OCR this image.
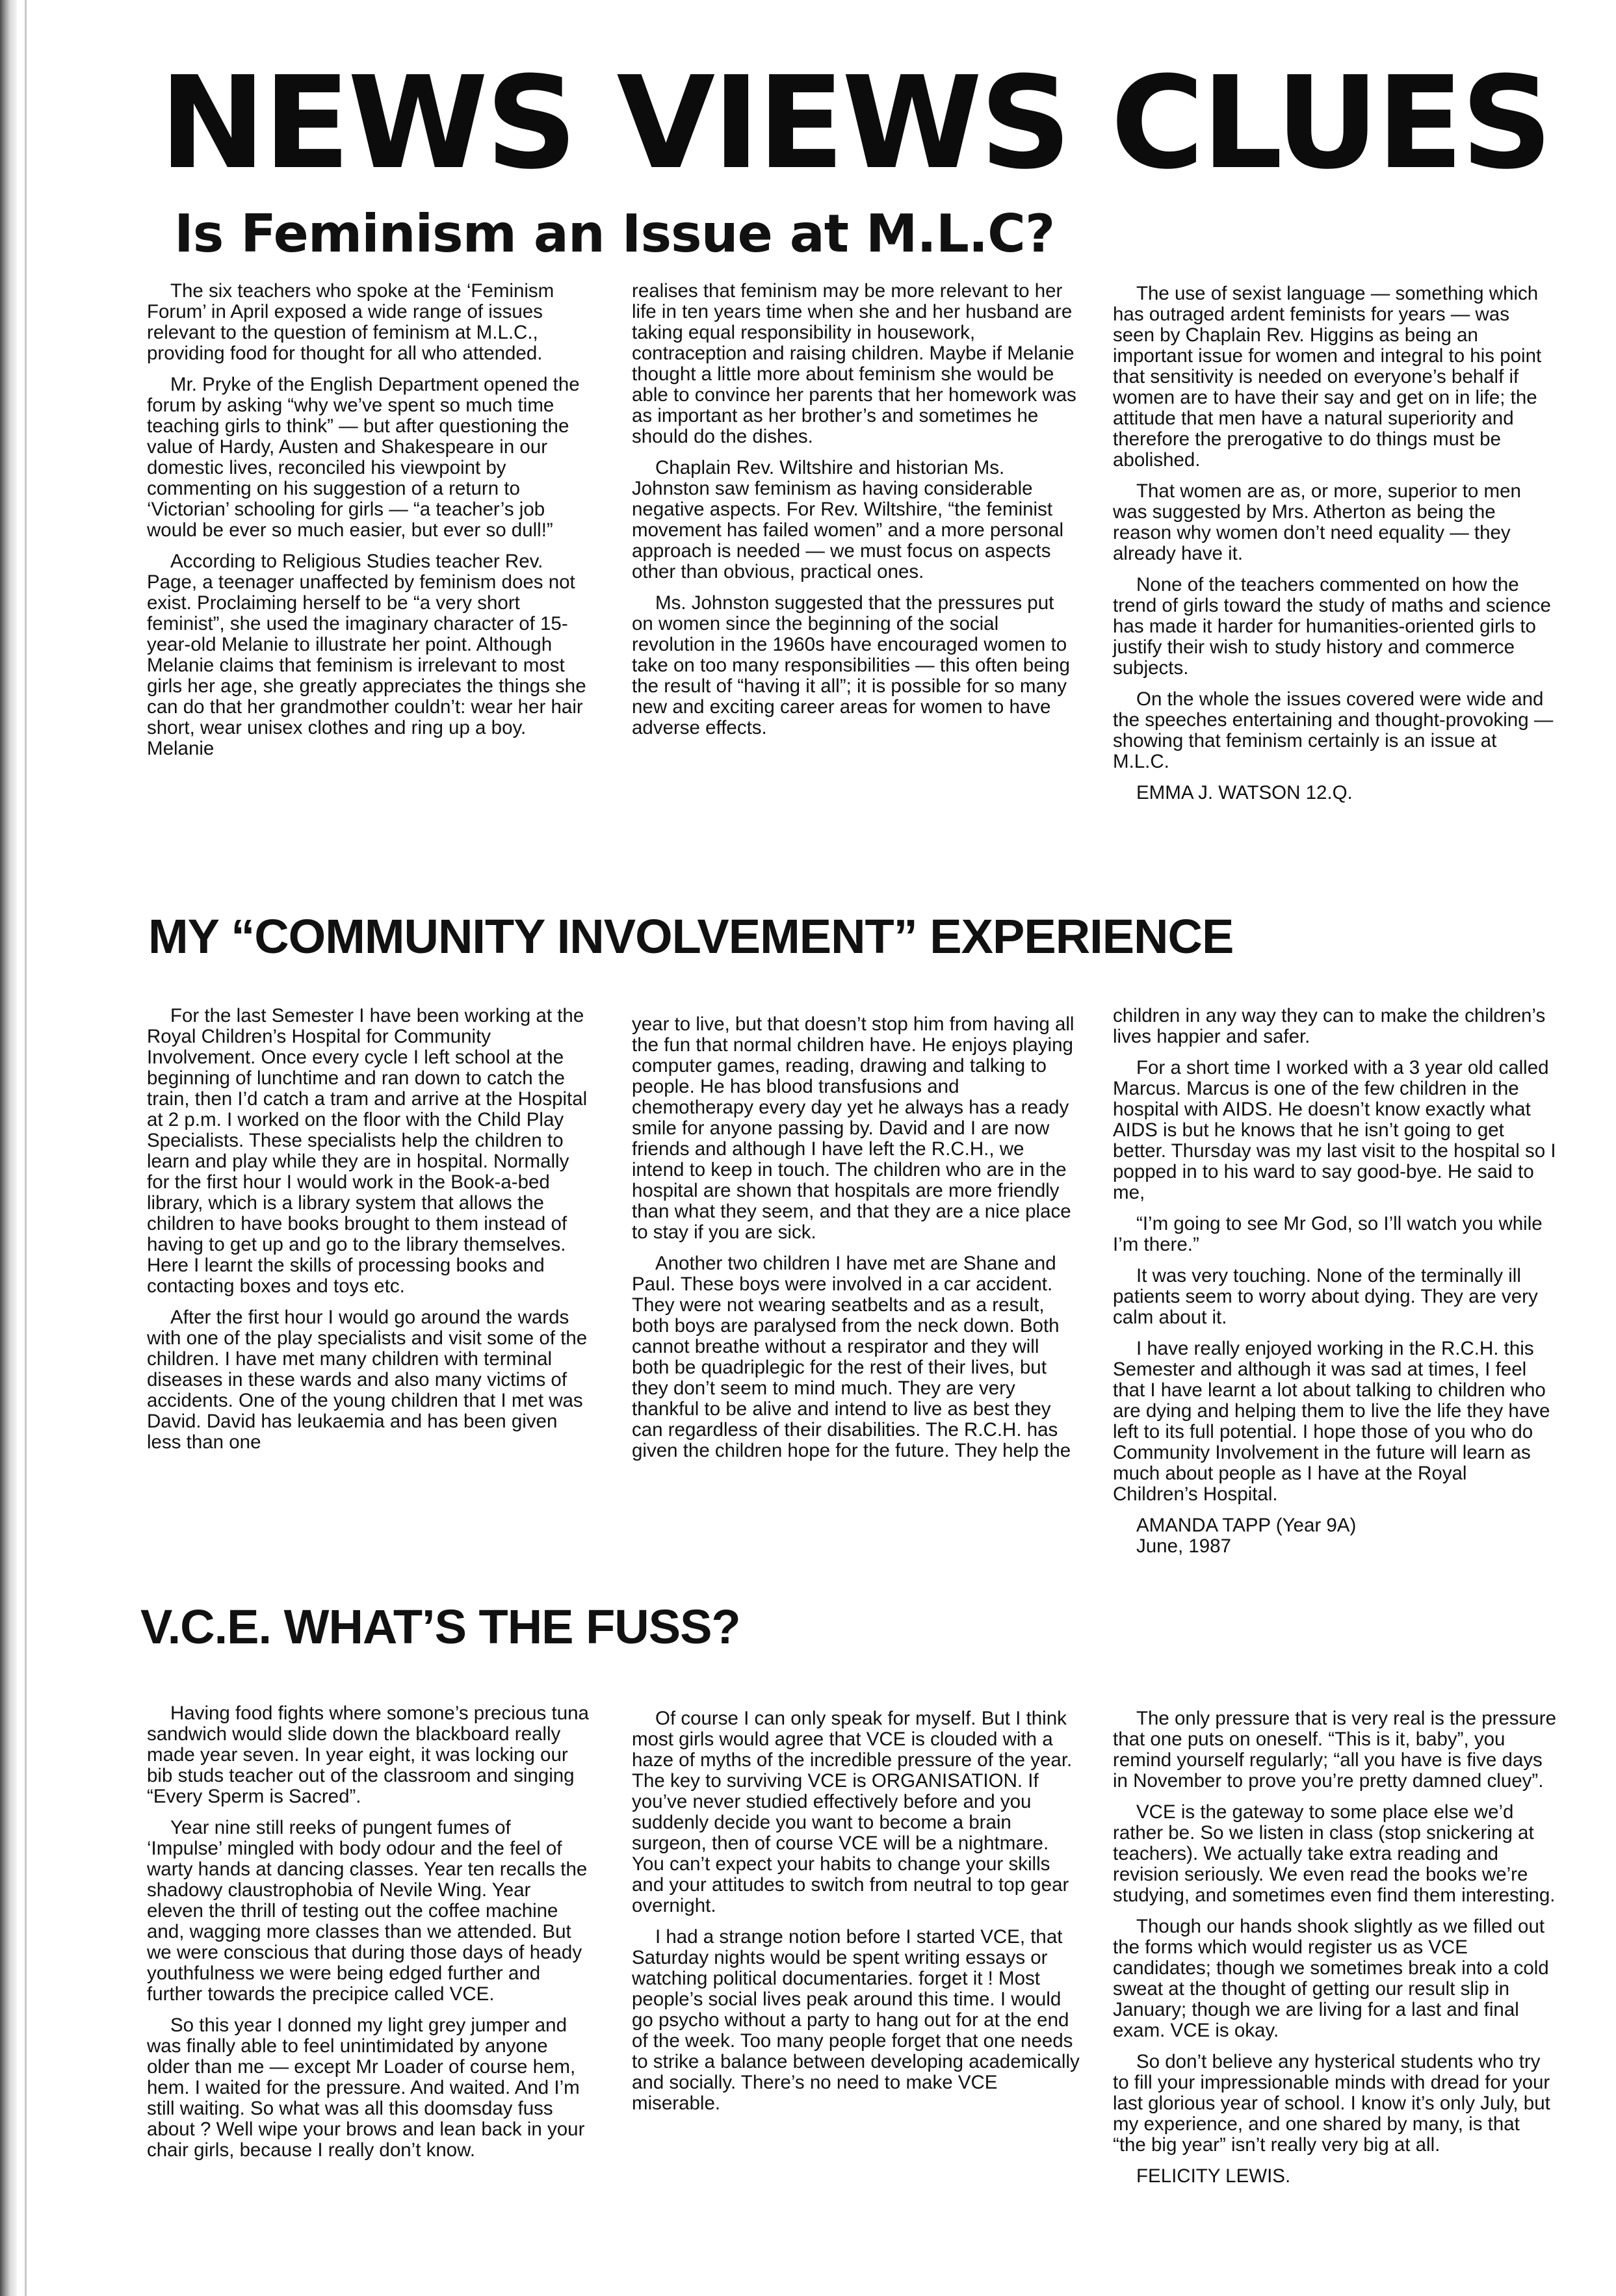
NEWS VIEWS CLUES
Is Feminism an Issue at M.L.C?

The six teachers who spoke at the ‘Feminism Forum’ in April exposed a wide range of issues relevant to the question of feminism at M.L.C., providing food for thought for all who attended.

Mr. Pryke of the English Department opened the forum by asking “why we’ve spent so much time teaching girls to think” — but after questioning the value of Hardy, Austen and Shakespeare in our domestic lives, reconciled his viewpoint by commenting on his suggestion of a return to ‘Victorian’ schooling for girls — “a teacher’s job would be ever so much easier, but ever so dull!”

According to Religious Studies teacher Rev. Page, a teenager unaffected by feminism does not exist. Proclaiming herself to be “a very short feminist”, she used the imaginary character of 15-year-old Melanie to illustrate her point. Although Melanie claims that feminism is irrelevant to most girls her age, she greatly appreciates the things she can do that her grandmother couldn’t: wear her hair short, wear unisex clothes and ring up a boy. Melanie

realises that feminism may be more relevant to her life in ten years time when she and her husband are taking equal responsibility in housework, contraception and raising children. Maybe if Melanie thought a little more about feminism she would be able to convince her parents that her homework was as important as her brother’s and sometimes he should do the dishes.

Chaplain Rev. Wiltshire and historian Ms. Johnston saw feminism as having considerable negative aspects. For Rev. Wiltshire, “the feminist movement has failed women” and a more personal approach is needed — we must focus on aspects other than obvious, practical ones.

Ms. Johnston suggested that the pressures put on women since the beginning of the social revolution in the 1960s have encouraged women to take on too many responsibilities — this often being the result of “having it all”; it is possible for so many new and exciting career areas for women to have adverse effects.

The use of sexist language — something which has outraged ardent feminists for years — was seen by Chaplain Rev. Higgins as being an important issue for women and integral to his point that sensitivity is needed on everyone’s behalf if women are to have their say and get on in life; the attitude that men have a natural superiority and therefore the prerogative to do things must be abolished.

That women are as, or more, superior to men was suggested by Mrs. Atherton as being the reason why women don’t need equality — they already have it.

None of the teachers commented on how the trend of girls toward the study of maths and science has made it harder for humanities-oriented girls to justify their wish to study history and commerce subjects.

On the whole the issues covered were wide and the speeches entertaining and thought-provoking — showing that feminism certainly is an issue at M.L.C.

EMMA J. WATSON 12.Q.

MY “COMMUNITY INVOLVEMENT” EXPERIENCE

For the last Semester I have been working at the Royal Children’s Hospital for Community Involvement. Once every cycle I left school at the beginning of lunchtime and ran down to catch the train, then I’d catch a tram and arrive at the Hospital at 2 p.m. I worked on the floor with the Child Play Specialists. These specialists help the children to learn and play while they are in hospital. Normally for the first hour I would work in the Book-a-bed library, which is a library system that allows the children to have books brought to them instead of having to get up and go to the library themselves. Here I learnt the skills of processing books and contacting boxes and toys etc.

After the first hour I would go around the wards with one of the play specialists and visit some of the children. I have met many children with terminal diseases in these wards and also many victims of accidents. One of the young children that I met was David. David has leukaemia and has been given less than one

year to live, but that doesn’t stop him from having all the fun that normal children have. He enjoys playing computer games, reading, drawing and talking to people. He has blood transfusions and chemotherapy every day yet he always has a ready smile for anyone passing by. David and I are now friends and although I have left the R.C.H., we intend to keep in touch. The children who are in the hospital are shown that hospitals are more friendly than what they seem, and that they are a nice place to stay if you are sick.

Another two children I have met are Shane and Paul. These boys were involved in a car accident. They were not wearing seatbelts and as a result, both boys are paralysed from the neck down. Both cannot breathe without a respirator and they will both be quadriplegic for the rest of their lives, but they don’t seem to mind much. They are very thankful to be alive and intend to live as best they can regardless of their disabilities. The R.C.H. has given the children hope for the future. They help the

children in any way they can to make the children’s lives happier and safer.

For a short time I worked with a 3 year old called Marcus. Marcus is one of the few children in the hospital with AIDS. He doesn’t know exactly what AIDS is but he knows that he isn’t going to get better. Thursday was my last visit to the hospital so I popped in to his ward to say good-bye. He said to me,

“I’m going to see Mr God, so I’ll watch you while I’m there.”

It was very touching. None of the terminally ill patients seem to worry about dying. They are very calm about it.

I have really enjoyed working in the R.C.H. this Semester and although it was sad at times, I feel that I have learnt a lot about talking to children who are dying and helping them to live the life they have left to its full potential. I hope those of you who do Community Involvement in the future will learn as much about people as I have at the Royal Children’s Hospital.

AMANDA TAPP (Year 9A)

June, 1987

V.C.E. WHAT’S THE FUSS?

Having food fights where somone’s precious tuna sandwich would slide down the blackboard really made year seven. In year eight, it was locking our bib studs teacher out of the classroom and singing “Every Sperm is Sacred”.

Year nine still reeks of pungent fumes of ‘Impulse’ mingled with body odour and the feel of warty hands at dancing classes. Year ten recalls the shadowy claustrophobia of Nevile Wing. Year eleven the thrill of testing out the coffee machine and, wagging more classes than we attended. But we were conscious that during those days of heady youthfulness we were being edged further and further towards the precipice called VCE.

So this year I donned my light grey jumper and was finally able to feel unintimidated by anyone older than me — except Mr Loader of course hem, hem. I waited for the pressure. And waited. And I’m still waiting. So what was all this doomsday fuss about ? Well wipe your brows and lean back in your chair girls, because I really don’t know.

Of course I can only speak for myself. But I think most girls would agree that VCE is clouded with a haze of myths of the incredible pressure of the year. The key to surviving VCE is ORGANISATION. If you’ve never studied effectively before and you suddenly decide you want to become a brain surgeon, then of course VCE will be a nightmare. You can’t expect your habits to change your skills and your attitudes to switch from neutral to top gear overnight.

I had a strange notion before I started VCE, that Saturday nights would be spent writing essays or watching political documentaries. forget it ! Most people’s social lives peak around this time. I would go psycho without a party to hang out for at the end of the week. Too many people forget that one needs to strike a balance between developing academically and socially. There’s no need to make VCE miserable.

The only pressure that is very real is the pressure that one puts on oneself. “This is it, baby”, you remind yourself regularly; “all you have is five days in November to prove you’re pretty damned cluey”.

VCE is the gateway to some place else we’d rather be. So we listen in class (stop snickering at teachers). We actually take extra reading and revision seriously. We even read the books we’re studying, and sometimes even find them interesting.

Though our hands shook slightly as we filled out the forms which would register us as VCE candidates; though we sometimes break into a cold sweat at the thought of getting our result slip in January; though we are living for a last and final exam. VCE is okay.

So don’t believe any hysterical students who try to fill your impressionable minds with dread for your last glorious year of school. I know it’s only July, but my experience, and one shared by many, is that “the big year” isn’t really very big at all.

FELICITY LEWIS.
